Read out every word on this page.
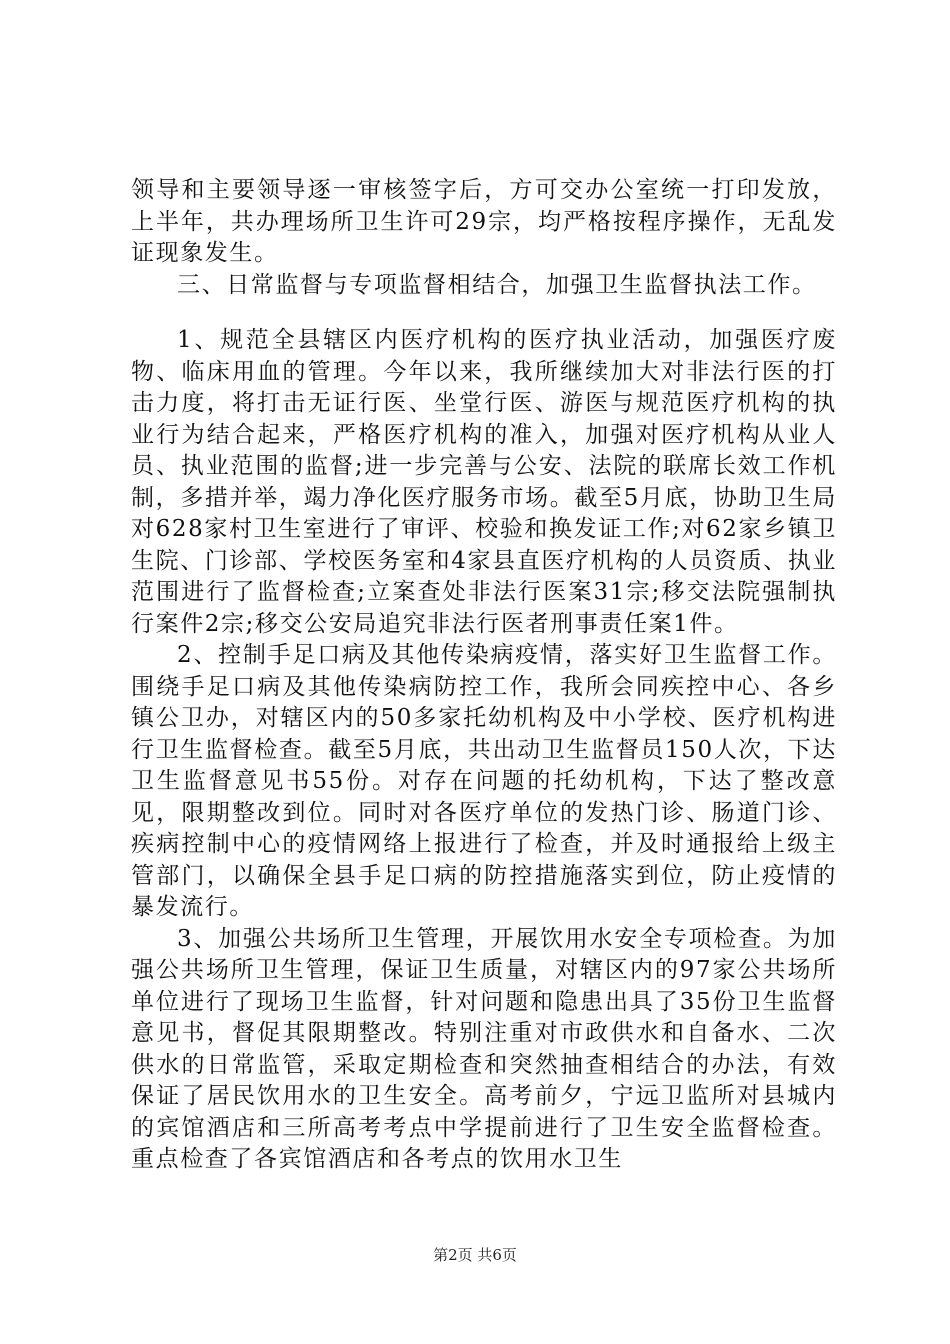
领导和主要领导逐一审核签字后，方可交办公室统一打印发放，上半年，共办理场所卫生许可29宗，均严格按程序操作，无乱发证现象发生。

三、日常监督与专项监督相结合，加强卫生监督执法工作。

1、规范全县辖区内医疗机构的医疗执业活动，加强医疗废物、临床用血的管理。今年以来，我所继续加大对非法行医的打击力度，将打击无证行医、坐堂行医、游医与规范医疗机构的执业行为结合起来，严格医疗机构的准入，加强对医疗机构从业人员、执业范围的监督;进一步完善与公安、法院的联席长效工作机制，多措并举，竭力净化医疗服务市场。截至5月底，协助卫生局对628家村卫生室进行了审评、校验和换发证工作;对62家乡镇卫生院、门诊部、学校医务室和4家县直医疗机构的人员资质、执业范围进行了监督检查;立案查处非法行医案31宗;移交法院强制执行案件2宗;移交公安局追究非法行医者刑事责任案1件。

2、控制手足口病及其他传染病疫情，落实好卫生监督工作。围绕手足口病及其他传染病防控工作，我所会同疾控中心、各乡镇公卫办，对辖区内的50多家托幼机构及中小学校、医疗机构进行卫生监督检查。截至5月底，共出动卫生监督员150人次，下达卫生监督意见书55份。对存在问题的托幼机构，下达了整改意见，限期整改到位。同时对各医疗单位的发热门诊、肠道门诊、疾病控制中心的疫情网络上报进行了检查，并及时通报给上级主管部门，以确保全县手足口病的防控措施落实到位，防止疫情的暴发流行。

3、加强公共场所卫生管理，开展饮用水安全专项检查。为加强公共场所卫生管理，保证卫生质量，对辖区内的97家公共场所单位进行了现场卫生监督，针对问题和隐患出具了35份卫生监督意见书，督促其限期整改。特别注重对市政供水和自备水、二次供水的日常监管，采取定期检查和突然抽查相结合的办法，有效保证了居民饮用水的卫生安全。高考前夕，宁远卫监所对县城内的宾馆酒店和三所高考考点中学提前进行了卫生安全监督检查。重点检查了各宾馆酒店和各考点的饮用水卫生

第2页 共6页
